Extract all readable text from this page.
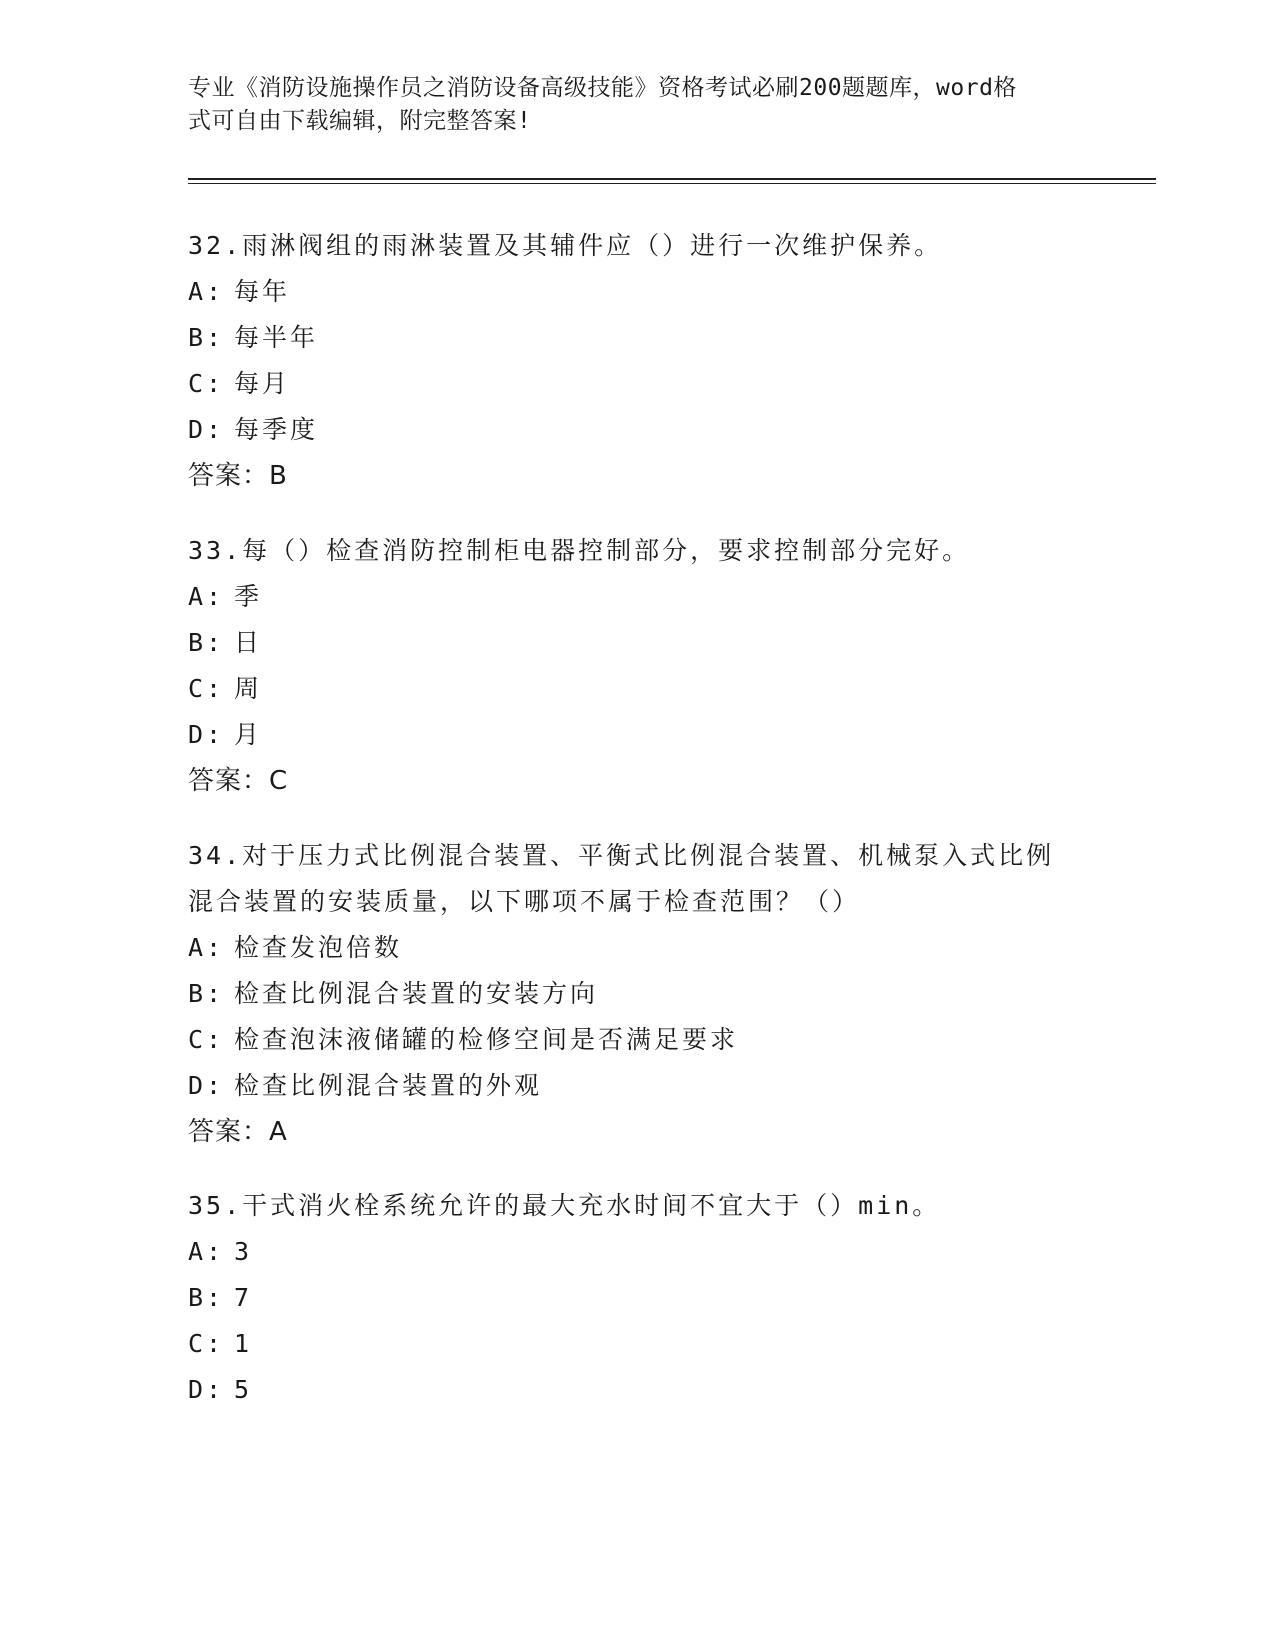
专业《消防设施操作员之消防设备高级技能》资格考试必刷200题题库，word格
式可自由下载编辑，附完整答案!
32.雨淋阀组的雨淋装置及其辅件应（）进行一次维护保养。
A: 每年
B: 每半年
C: 每月
D: 每季度
答案：B
33.每（）检查消防控制柜电器控制部分，要求控制部分完好。
A: 季
B: 日
C: 周
D: 月
答案：C
34.对于压力式比例混合装置、平衡式比例混合装置、机械泵入式比例
混合装置的安装质量，以下哪项不属于检查范围？（）
A: 检查发泡倍数
B: 检查比例混合装置的安装方向
C: 检查泡沫液储罐的检修空间是否满足要求
D: 检查比例混合装置的外观
答案：A
35.干式消火栓系统允许的最大充水时间不宜大于（）min。
A: 3
B: 7
C: 1
D: 5
